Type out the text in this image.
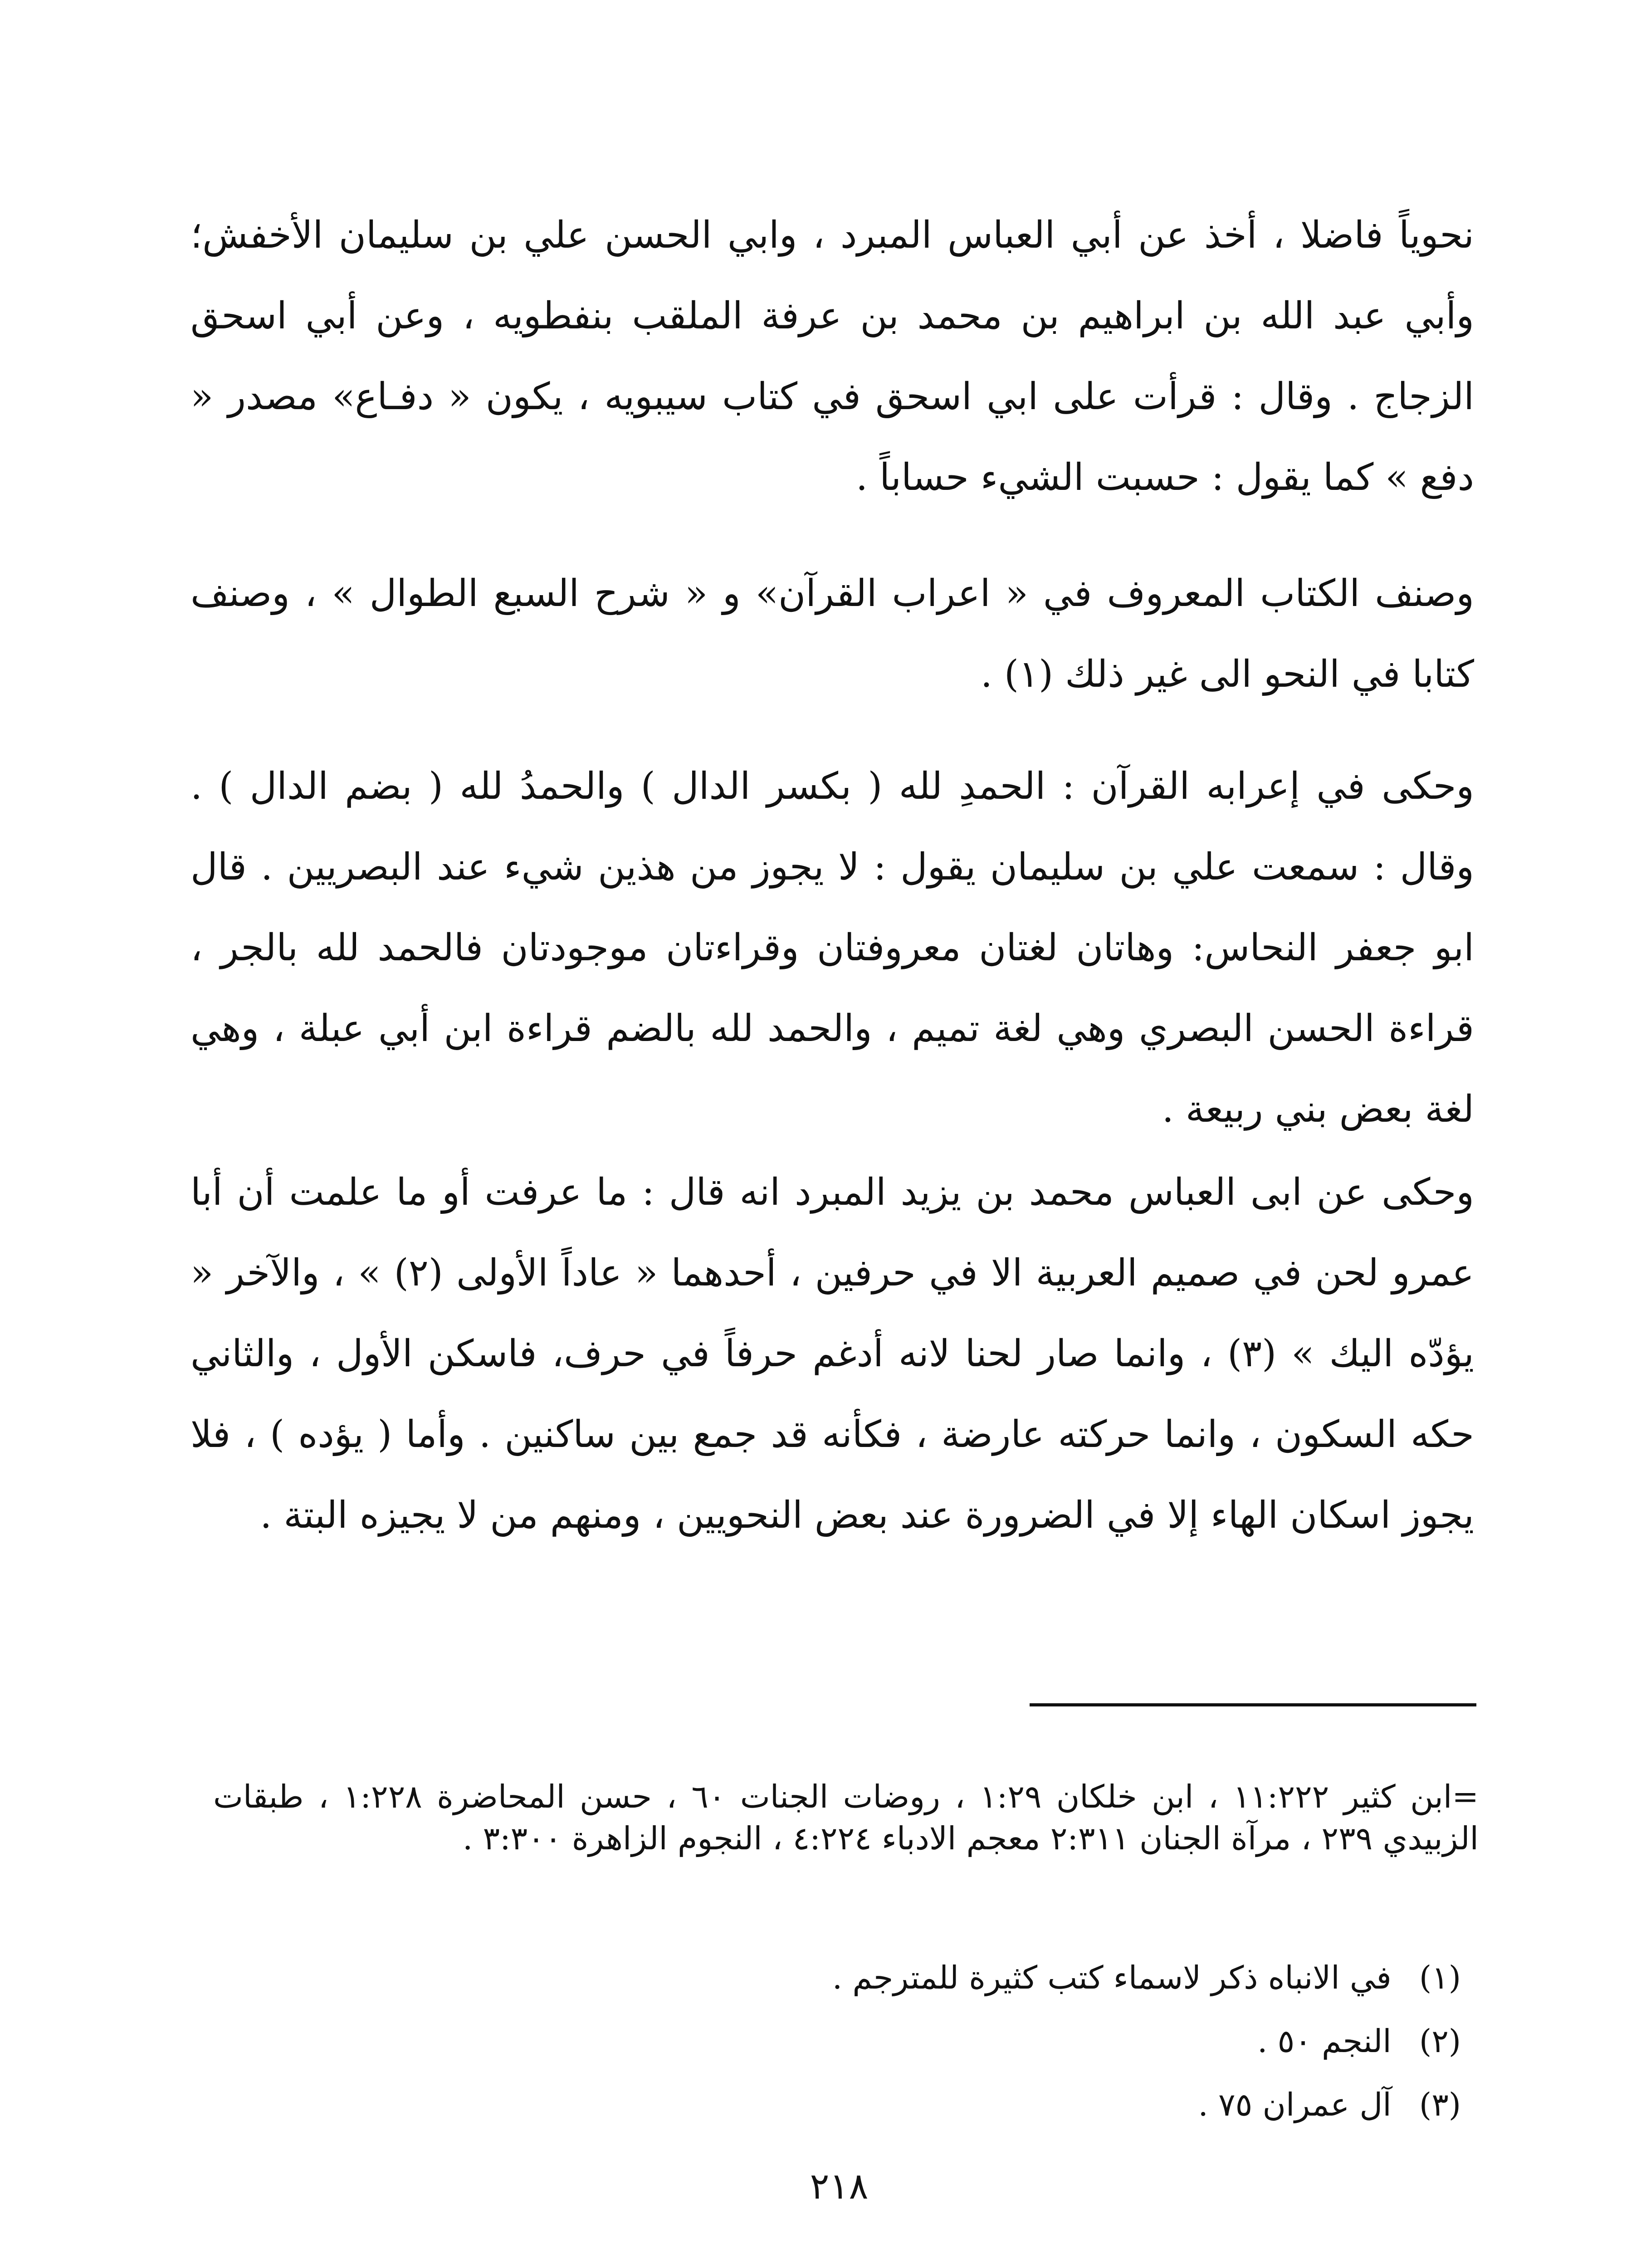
نحوياً فاضلا ، أخذ عن أبي العباس المبرد ، وابي الحسن علي بن سليمان الأخفش؛ وأبي عبد الله بن ابراهيم بن محمد بن عرفة الملقب بنفطويه ، وعن أبي اسحق الزجاج . وقال : قرأت على ابي اسحق في كتاب سيبويه ، يكون « دفـاع» مصدر « دفع » كما يقول : حسبت الشيء حساباً .

وصنف الكتاب المعروف في « اعراب القرآن» و « شرح السبع الطوال » ، وصنف كتابا في النحو الى غير ذلك (١) .

وحكى في إعرابه القرآن : الحمدِ لله ( بكسر الدال ) والحمدُ لله ( بضم الدال ) . وقال : سمعت علي بن سليمان يقول : لا يجوز من هذين شيء عند البصريين . قال ابو جعفر النحاس: وهاتان لغتان معروفتان وقراءتان موجودتان فالحمد لله بالجر ، قراءة الحسن البصري وهي لغة تميم ، والحمد لله بالضم قراءة ابن أبي عبلة ، وهي لغة بعض بني ربيعة .

وحكى عن ابى العباس محمد بن يزيد المبرد انه قال : ما عرفت أو ما علمت أن أبا عمرو لحن في صميم العربية الا في حرفين ، أحدهما « عاداً الأولى (٢) » ، والآخر « يؤدّه اليك » (٣) ، وانما صار لحنا لانه أدغم حرفاً في حرف، فاسكن الأول ، والثاني حكه السكون ، وانما حركته عارضة ، فكأنه قد جمع بين ساكنين . وأما ( يؤده ) ، فلا يجوز اسكان الهاء إلا في الضرورة عند بعض النحويين ، ومنهم من لا يجيزه البتة .

=ابن كثير ١١:٢٢٢ ، ابن خلكان ١:٢٩ ، روضات الجنات ٦٠ ، حسن المحاضرة ١:٢٢٨ ، طبقات الزبيدي ٢٣٩ ، مرآة الجنان ٢:٣١١ معجم الادباء ٤:٢٢٤ ، النجوم الزاهرة ٣:٣٠٠ .

(١) في الانباه ذكر لاسماء كتب كثيرة للمترجم .
(٢) النجم ٥٠ .
(٣) آل عمران ٧٥ .
٢١٨
